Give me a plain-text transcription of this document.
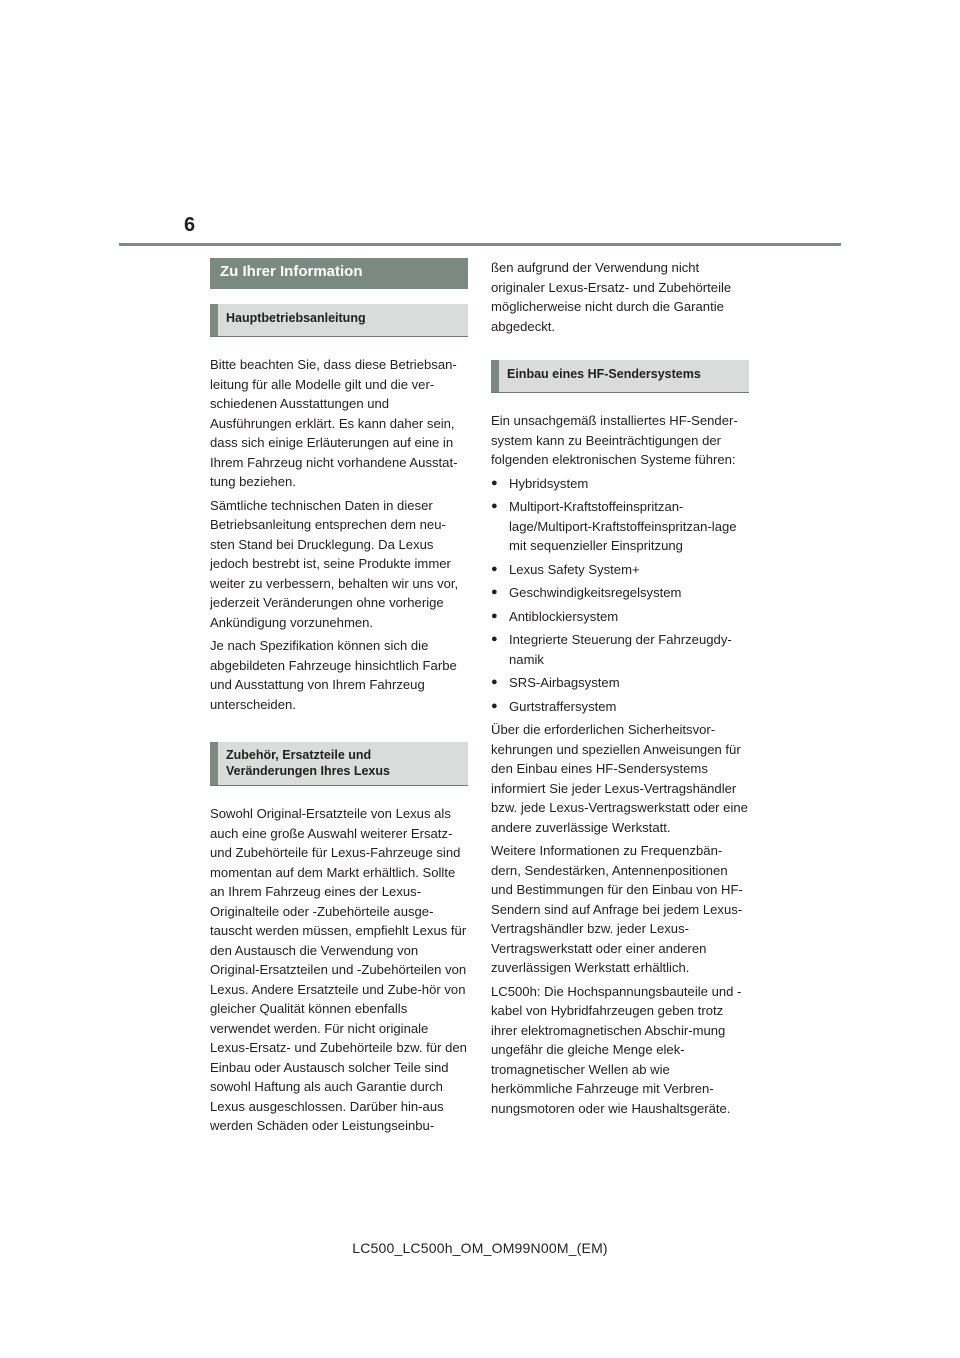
6
Zu Ihrer Information
Hauptbetriebsanleitung

Bitte beachten Sie, dass diese Betriebsan-leitung für alle Modelle gilt und die ver-schiedenen Ausstattungen und Ausführungen erklärt. Es kann daher sein, dass sich einige Erläuterungen auf eine in Ihrem Fahrzeug nicht vorhandene Ausstat-tung beziehen.

Sämtliche technischen Daten in dieser Betriebsanleitung entsprechen dem neu-sten Stand bei Drucklegung. Da Lexus jedoch bestrebt ist, seine Produkte immer weiter zu verbessern, behalten wir uns vor, jederzeit Veränderungen ohne vorherige Ankündigung vorzunehmen.

Je nach Spezifikation können sich die abgebildeten Fahrzeuge hinsichtlich Farbe und Ausstattung von Ihrem Fahrzeug unterscheiden.

Zubehör, Ersatzteile und Veränderungen Ihres Lexus

Sowohl Original-Ersatzteile von Lexus als auch eine große Auswahl weiterer Ersatz- und Zubehörteile für Lexus-Fahrzeuge sind momentan auf dem Markt erhältlich. Sollte an Ihrem Fahrzeug eines der Lexus-Originalteile oder -Zubehörteile ausge-tauscht werden müssen, empfiehlt Lexus für den Austausch die Verwendung von Original-Ersatzteilen und -Zubehörteilen von Lexus. Andere Ersatzteile und Zube-hör von gleicher Qualität können ebenfalls verwendet werden. Für nicht originale Lexus-Ersatz- und Zubehörteile bzw. für den Einbau oder Austausch solcher Teile sind sowohl Haftung als auch Garantie durch Lexus ausgeschlossen. Darüber hin-aus werden Schäden oder Leistungseinbu-

ßen aufgrund der Verwendung nicht originaler Lexus-Ersatz- und Zubehörteile möglicherweise nicht durch die Garantie abgedeckt.

Einbau eines HF-Sendersystems

Ein unsachgemäß installiertes HF-Sender-system kann zu Beeinträchtigungen der folgenden elektronischen Systeme führen:

● Hybridsystem
● Multiport-Kraftstoffeinspritzan-lage/Multiport-Kraftstoffeinspritzan-lage mit sequenzieller Einspritzung
● Lexus Safety System+
● Geschwindigkeitsregelsystem
● Antiblockiersystem
● Integrierte Steuerung der Fahrzeugdy-namik
● SRS-Airbagsystem
● Gurtstraffersystem

Über die erforderlichen Sicherheitsvor-kehrungen und speziellen Anweisungen für den Einbau eines HF-Sendersystems informiert Sie jeder Lexus-Vertragshändler bzw. jede Lexus-Vertragswerkstatt oder eine andere zuverlässige Werkstatt.

Weitere Informationen zu Frequenzbän-dern, Sendestärken, Antennenpositionen und Bestimmungen für den Einbau von HF-Sendern sind auf Anfrage bei jedem Lexus-Vertragshändler bzw. jeder Lexus-Vertragswerkstatt oder einer anderen zuverlässigen Werkstatt erhältlich.

LC500h: Die Hochspannungsbauteile und -kabel von Hybridfahrzeugen geben trotz ihrer elektromagnetischen Abschir-mung ungefähr die gleiche Menge elek-tromagnetischer Wellen ab wie herkömmliche Fahrzeuge mit Verbren-nungsmotoren oder wie Haushaltsgeräte.

LC500_LC500h_OM_OM99N00M_(EM)
